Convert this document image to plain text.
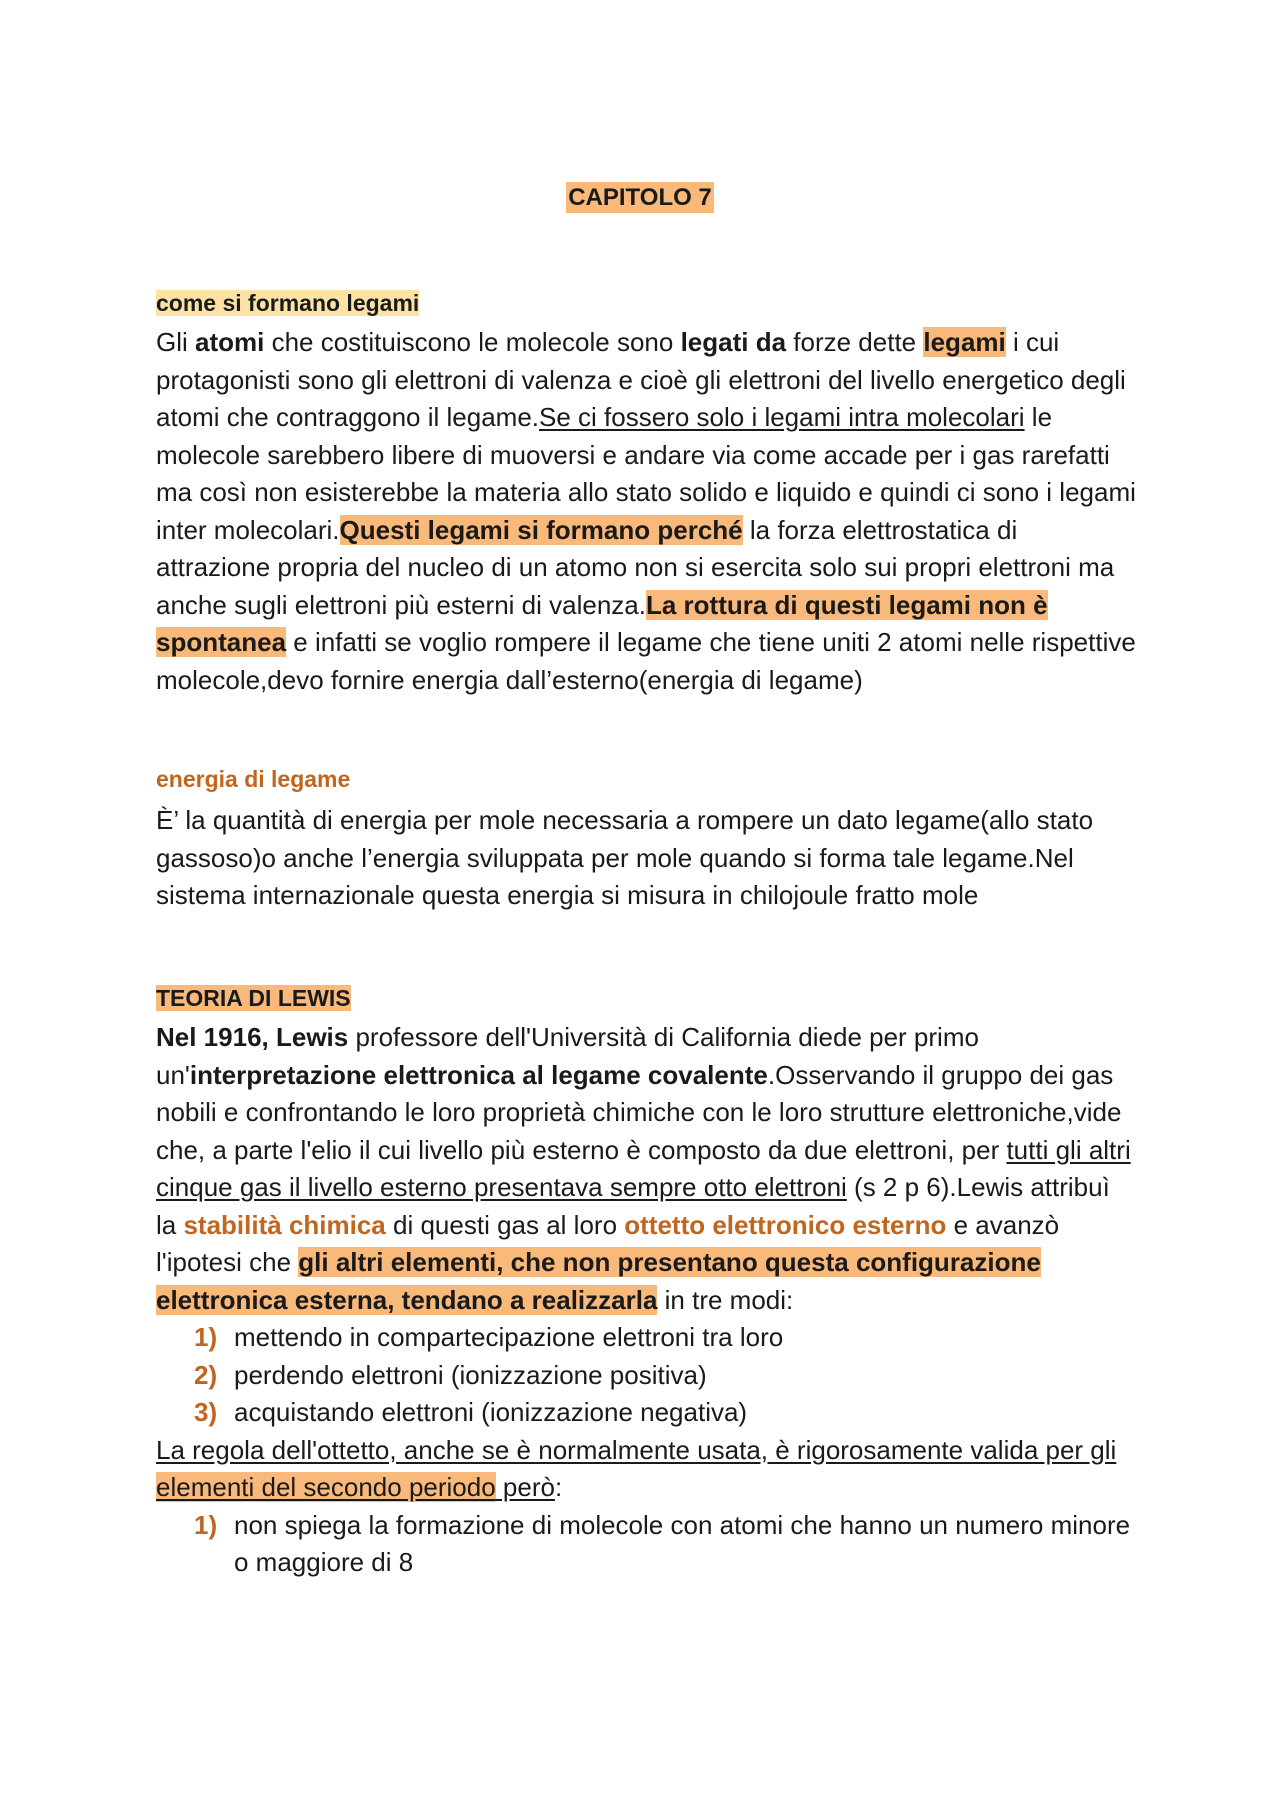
CAPITOLO 7
come si formano legami

Gli atomi che costituiscono le molecole sono legati da forze dette legami i cui protagonisti sono gli elettroni di valenza e cioè gli elettroni del livello energetico degli atomi che contraggono il legame.Se ci fossero solo i legami intra molecolari le molecole sarebbero libere di muoversi e andare via come accade per i gas rarefatti ma così non esisterebbe la materia allo stato solido e liquido e quindi ci sono i legami inter molecolari.Questi legami si formano perché la forza elettrostatica di attrazione propria del nucleo di un atomo non si esercita solo sui propri elettroni ma anche sugli elettroni più esterni di valenza.La rottura di questi legami non è spontanea e infatti se voglio rompere il legame che tiene uniti 2 atomi nelle rispettive molecole,devo fornire energia dall’esterno(energia di legame)

energia di legame

È’ la quantità di energia per mole necessaria a rompere un dato legame(allo stato gassoso)o anche l’energia sviluppata per mole quando si forma tale legame.Nel sistema internazionale questa energia si misura in chilojoule fratto mole

TEORIA DI LEWIS

Nel 1916, Lewis professore dell'Università di California diede per primo un'interpretazione elettronica al legame covalente.Osservando il gruppo dei gas nobili e confrontando le loro proprietà chimiche con le loro strutture elettroniche,vide che, a parte l'elio il cui livello più esterno è composto da due elettroni, per tutti gli altri cinque gas il livello esterno presentava sempre otto elettroni (s 2 p 6).Lewis attribuì la stabilità chimica di questi gas al loro ottetto elettronico esterno e avanzò l'ipotesi che gli altri elementi, che non presentano questa configurazione elettronica esterna, tendano a realizzarla in tre modi:

1) mettendo in compartecipazione elettroni tra loro
2) perdendo elettroni (ionizzazione positiva)
3) acquistando elettroni (ionizzazione negativa)

La regola dell'ottetto, anche se è normalmente usata, è rigorosamente valida per gli elementi del secondo periodo però:

1) non spiega la formazione di molecole con atomi che hanno un numero minore o maggiore di 8
